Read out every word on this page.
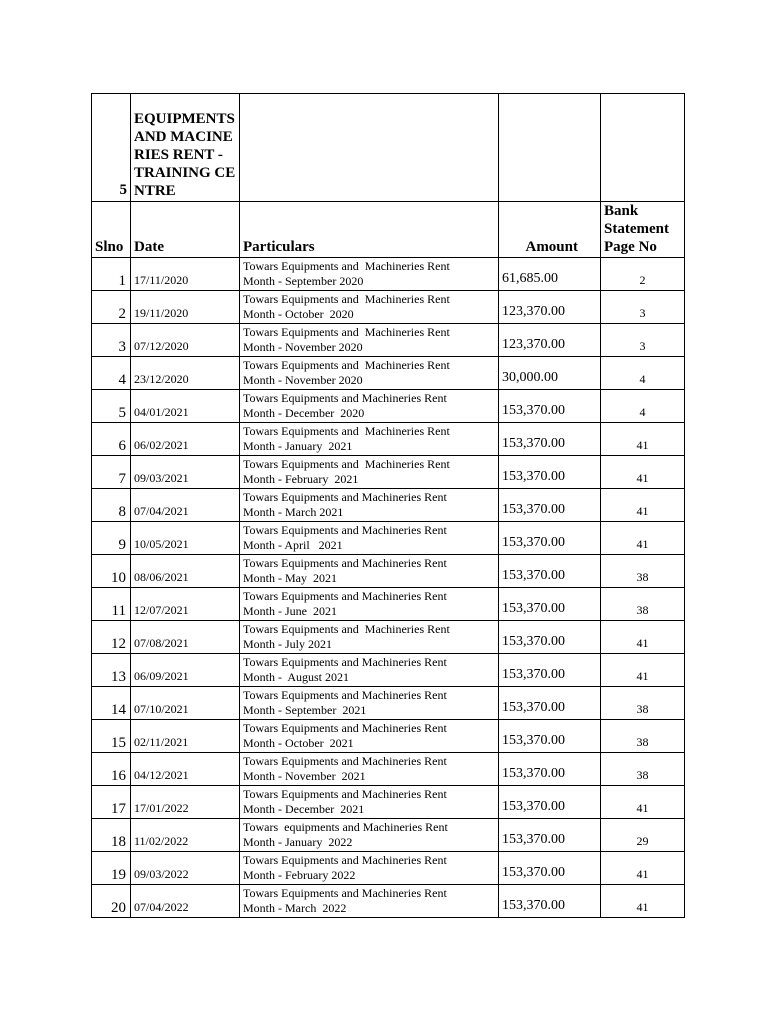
5	EQUIPMENTS AND MACINERIES RENT - TRAINING CENTRE			
Slno	Date	Particulars	Amount	Bank Statement Page No
1	17/11/2020	Towars Equipments and  Machineries Rent
Month - September 2020	61,685.00	2
2	19/11/2020	Towars Equipments and  Machineries Rent
Month - October  2020	123,370.00	3
3	07/12/2020	Towars Equipments and  Machineries Rent
Month - November 2020	123,370.00	3
4	23/12/2020	Towars Equipments and  Machineries Rent
Month - November 2020	30,000.00	4
5	04/01/2021	Towars Equipments and Machineries Rent
Month - December  2020	153,370.00	4
6	06/02/2021	Towars Equipments and  Machineries Rent
Month - January  2021	153,370.00	41
7	09/03/2021	Towars Equipments and  Machineries Rent
Month - February  2021	153,370.00	41
8	07/04/2021	Towars Equipments and Machineries Rent
Month - March 2021	153,370.00	41
9	10/05/2021	Towars Equipments and Machineries Rent
Month - April   2021	153,370.00	41
10	08/06/2021	Towars Equipments and Machineries Rent
Month - May  2021	153,370.00	38
11	12/07/2021	Towars Equipments and Machineries Rent
Month - June  2021	153,370.00	38
12	07/08/2021	Towars Equipments and  Machineries Rent
Month - July 2021	153,370.00	41
13	06/09/2021	Towars Equipments and Machineries Rent
Month -  August 2021	153,370.00	41
14	07/10/2021	Towars Equipments and Machineries Rent
Month - September  2021	153,370.00	38
15	02/11/2021	Towars Equipments and Machineries Rent
Month - October  2021	153,370.00	38
16	04/12/2021	Towars Equipments and Machineries Rent
Month - November  2021	153,370.00	38
17	17/01/2022	Towars Equipments and Machineries Rent
Month - December  2021	153,370.00	41
18	11/02/2022	Towars  equipments and Machineries Rent
Month - January  2022	153,370.00	29
19	09/03/2022	Towars Equipments and Machineries Rent
Month - February 2022	153,370.00	41
20	07/04/2022	Towars Equipments and Machineries Rent
Month - March  2022	153,370.00	41
